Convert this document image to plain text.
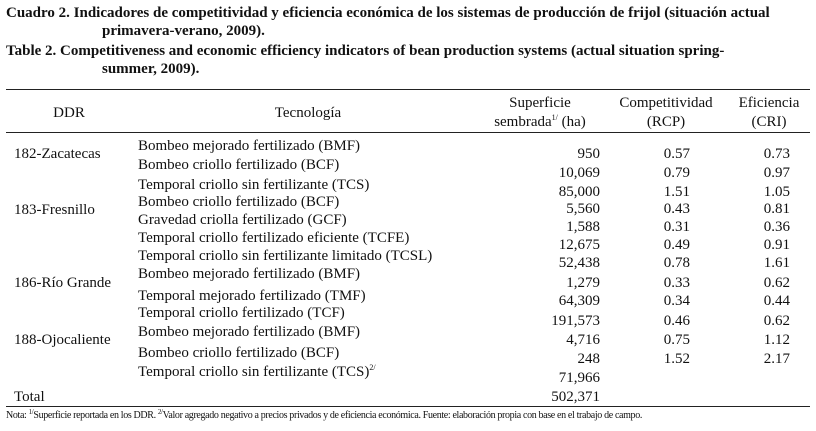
Cuadro 2. Indicadores de competitividad y eficiencia económica de los sistemas de producción de frijol (situación actual
primavera-verano, 2009).
Table 2. Competitiveness and economic efficiency indicators of bean production systems (actual situation spring-
summer, 2009).
DDR	Tecnología
Superficie
sembrada$^{1/}$ (ha)
Competitividad
(RCP)
Eficiencia
(CRI)
182-Zacatecas
183-Fresnillo
186-Río Grande
188-Ojocaliente
Bombeo mejorado fertilizado (BMF)
Bombeo criollo fertilizado (BCF)
Temporal criollo sin fertilizante (TCS)
Bombeo criollo fertilizado (BCF)
Gravedad criolla fertilizado (GCF)
Temporal criollo fertilizado eficiente (TCFE)
Temporal criollo sin fertilizante limitado (TCSL)
Bombeo mejorado fertilizado (BMF)
Temporal mejorado fertilizado (TMF)
Temporal criollo fertilizado (TCF)
Bombeo mejorado fertilizado (BMF)
Bombeo criollo fertilizado (BCF)
Temporal criollo sin fertilizante (TCS)$^{2/}$
950
10,069
85,000
5,560
1,588
12,675
52,438
1,279
64,309
191,573
4,716
248
71,966
0.57
0.79
1.51
0.43
0.31
0.49
0.78
0.33
0.34
0.46
0.75
1.52
0.73
0.97
1.05
0.81
0.36
0.91
1.61
0.62
0.44
0.62
1.12
2.17
Total	502,371
Nota: $^{1/}$Superficie reportada en los DDR. $^{2/}$Valor agregado negativo a precios privados y de eficiencia económica. Fuente: elaboración propia con base en el trabajo de campo.
